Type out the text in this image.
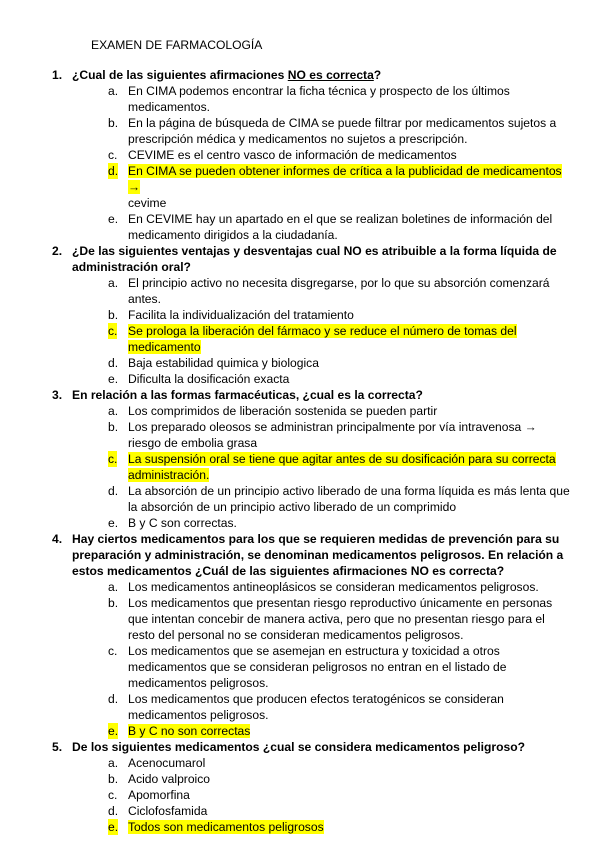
EXAMEN DE FARMACOLOGÍA
1. ¿Cual de las siguientes afirmaciones NO es correcta?
a. En CIMA podemos encontrar la ficha técnica y prospecto de los últimos medicamentos.
b. En la página de búsqueda de CIMA se puede filtrar por medicamentos sujetos a prescripción médica y medicamentos no sujetos a prescripción.
c. CEVIME es el centro vasco de información de medicamentos
d. En CIMA se pueden obtener informes de crítica a la publicidad de medicamentos →
cevime
e. En CEVIME hay un apartado en el que se realizan boletines de información del medicamento dirigidos a la ciudadanía.
2. ¿De las siguientes ventajas y desventajas cual NO es atribuible a la forma líquida de administración oral?
a. El principio activo no necesita disgregarse, por lo que su absorción comenzará antes.
b. Facilita la individualización del tratamiento
c. Se prologa la liberación del fármaco y se reduce el número de tomas del medicamento
d. Baja estabilidad quimica y biologica
e. Dificulta la dosificación exacta
3. En relación a las formas farmacéuticas, ¿cual es la correcta?
a. Los comprimidos de liberación sostenida se pueden partir
b. Los preparado oleosos se administran principalmente por vía intravenosa → riesgo de embolia grasa
c. La suspensión oral se tiene que agitar antes de su dosificación para su correcta administración.
d. La absorción de un principio activo liberado de una forma líquida es más lenta que la absorción de un principio activo liberado de un comprimido
e. B y C son correctas.
4. Hay ciertos medicamentos para los que se requieren medidas de prevención para su preparación y administración, se denominan medicamentos peligrosos. En relación a estos medicamentos ¿Cuál de las siguientes afirmaciones NO es correcta?
a. Los medicamentos antineoplásicos se consideran medicamentos peligrosos.
b. Los medicamentos que presentan riesgo reproductivo únicamente en personas que intentan concebir de manera activa, pero que no presentan riesgo para el resto del personal no se consideran medicamentos peligrosos.
c. Los medicamentos que se asemejan en estructura y toxicidad a otros medicamentos que se consideran peligrosos no entran en el listado de medicamentos peligrosos.
d. Los medicamentos que producen efectos teratogénicos se consideran medicamentos peligrosos.
e. B y C no son correctas
5. De los siguientes medicamentos ¿cual se considera medicamentos peligroso?
a. Acenocumarol
b. Acido valproico
c. Apomorfina
d. Ciclofosfamida
e. Todos son medicamentos peligrosos
